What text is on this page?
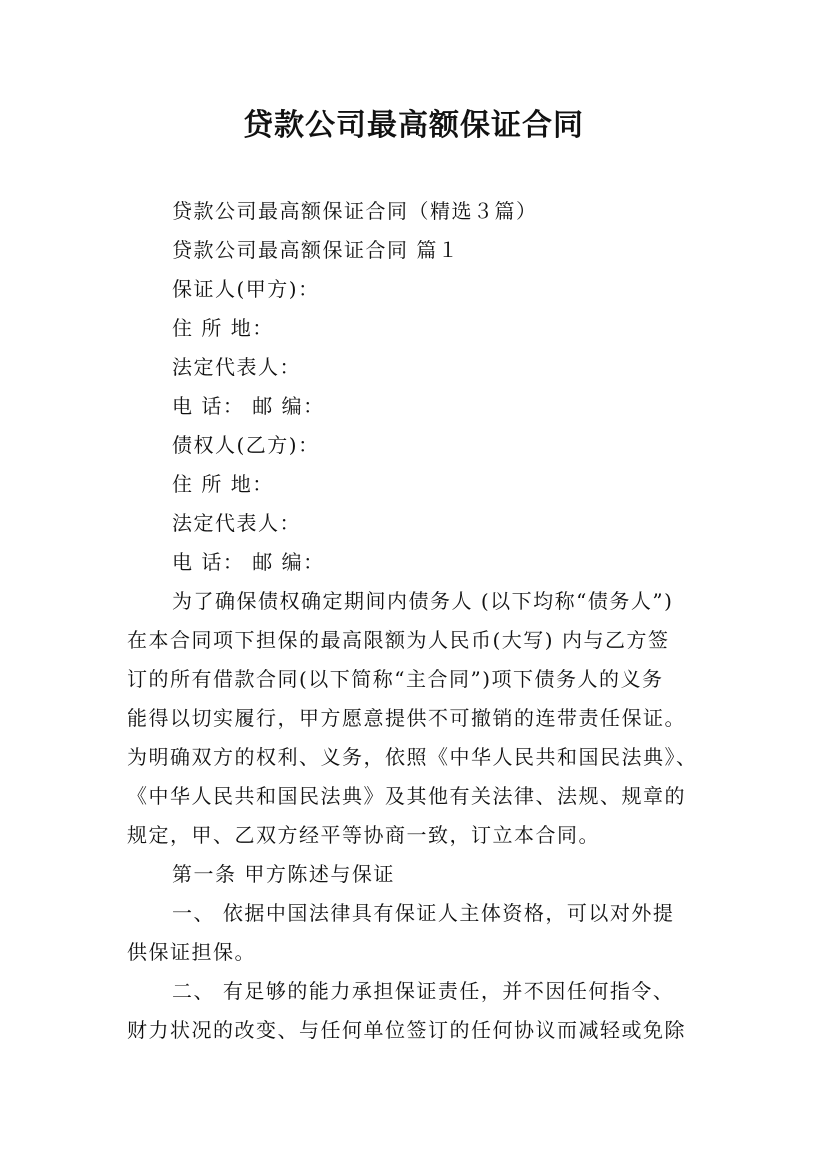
贷款公司最高额保证合同
贷款公司最高额保证合同（精选３篇）
贷款公司最高额保证合同 篇１
保证人(甲方)：
住 所 地：
法定代表人：
电 话： 邮 编：
债权人(乙方)：
住 所 地：
法定代表人：
电 话： 邮 编：
为了确保债权确定期间内债务人 (以下均称“债务人”)
在本合同项下担保的最高限额为人民币(大写) 内与乙方签
订的所有借款合同(以下简称“主合同”)项下债务人的义务
能得以切实履行，甲方愿意提供不可撤销的连带责任保证。
为明确双方的权利、义务，依照《中华人民共和国民法典》、
《中华人民共和国民法典》及其他有关法律、法规、规章的
规定，甲、乙双方经平等协商一致，订立本合同。
第一条 甲方陈述与保证
一、 依据中国法律具有保证人主体资格，可以对外提
供保证担保。
二、 有足够的能力承担保证责任，并不因任何指令、
财力状况的改变、与任何单位签订的任何协议而减轻或免除
